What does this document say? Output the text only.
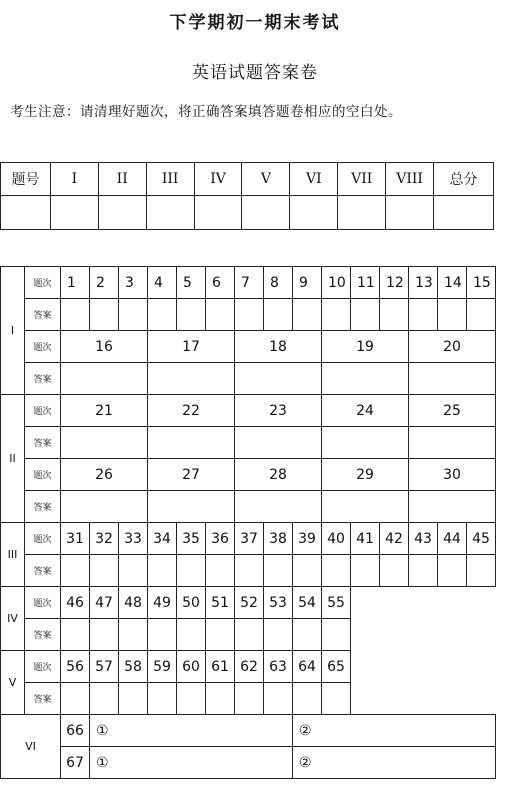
下学期初一期末考试
英语试题答案卷
考生注意：请清理好题次，将正确答案填答题卷相应的空白处。
题号	I	II	III	IV	V	VI	VII	VIII	总分

I	题次	1	2	3	4	5	6	7	8	9	10	11	12	13	14	15
	答案															
	题次	16			17			18			19			20		
	答案															
II	题次	21			22			23			24			25		
	答案															
	题次	26			27			28			29			30		
	答案															
III	题次	31	32	33	34	35	36	37	38	39	40	41	42	43	44	45
	答案															
IV	题次	46	47	48	49	50	51	52	53	54	55					
	答案															
V	题次	56	57	58	59	60	61	62	63	64	65					
	答案															
VI		66	①							②						
		67	①							②						
